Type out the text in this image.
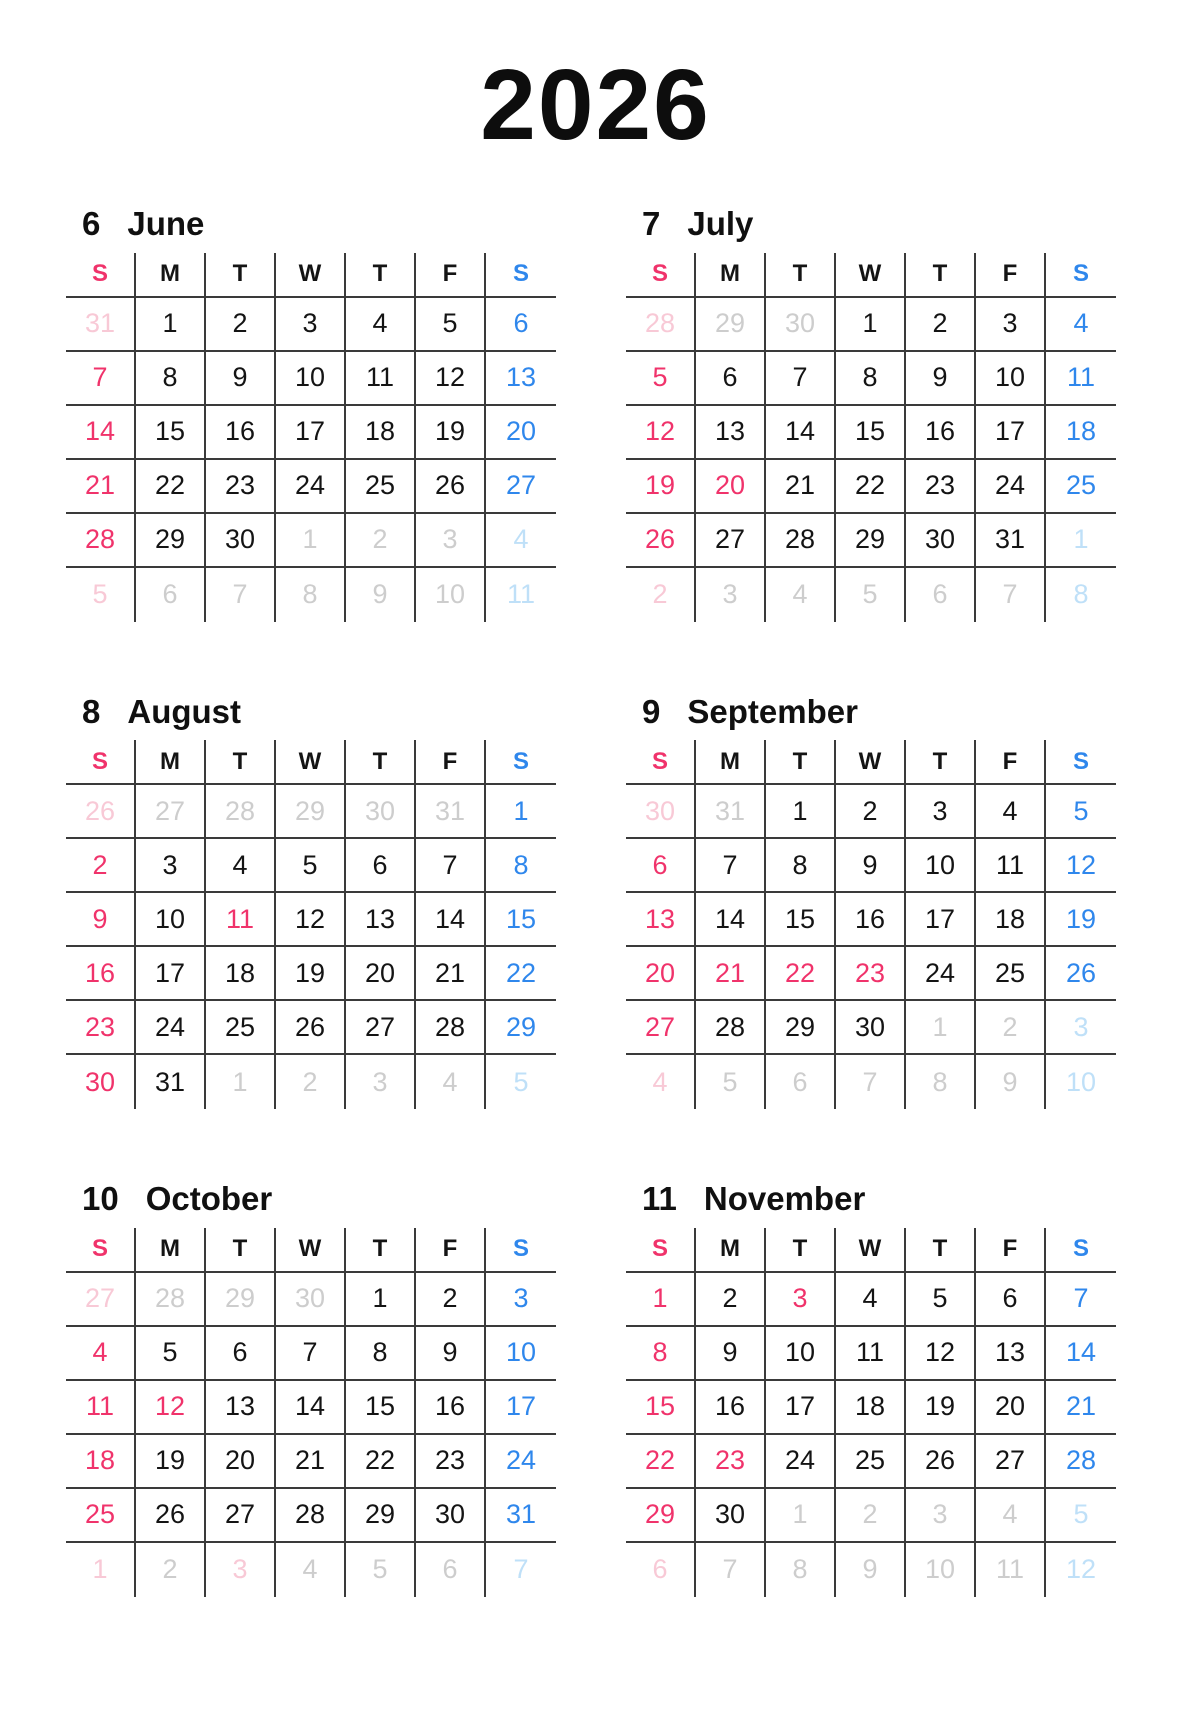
2026
6 June
S	M	T	W	T	F	S
31	1	2	3	4	5	6
7	8	9	10	11	12	13
14	15	16	17	18	19	20
21	22	23	24	25	26	27
28	29	30	1	2	3	4
5	6	7	8	9	10	11
7 July
S	M	T	W	T	F	S
28	29	30	1	2	3	4
5	6	7	8	9	10	11
12	13	14	15	16	17	18
19	20	21	22	23	24	25
26	27	28	29	30	31	1
2	3	4	5	6	7	8
8 August
S	M	T	W	T	F	S
26	27	28	29	30	31	1
2	3	4	5	6	7	8
9	10	11	12	13	14	15
16	17	18	19	20	21	22
23	24	25	26	27	28	29
30	31	1	2	3	4	5
9 September
S	M	T	W	T	F	S
30	31	1	2	3	4	5
6	7	8	9	10	11	12
13	14	15	16	17	18	19
20	21	22	23	24	25	26
27	28	29	30	1	2	3
4	5	6	7	8	9	10
10 October
S	M	T	W	T	F	S
27	28	29	30	1	2	3
4	5	6	7	8	9	10
11	12	13	14	15	16	17
18	19	20	21	22	23	24
25	26	27	28	29	30	31
1	2	3	4	5	6	7
11 November
S	M	T	W	T	F	S
1	2	3	4	5	6	7
8	9	10	11	12	13	14
15	16	17	18	19	20	21
22	23	24	25	26	27	28
29	30	1	2	3	4	5
6	7	8	9	10	11	12
